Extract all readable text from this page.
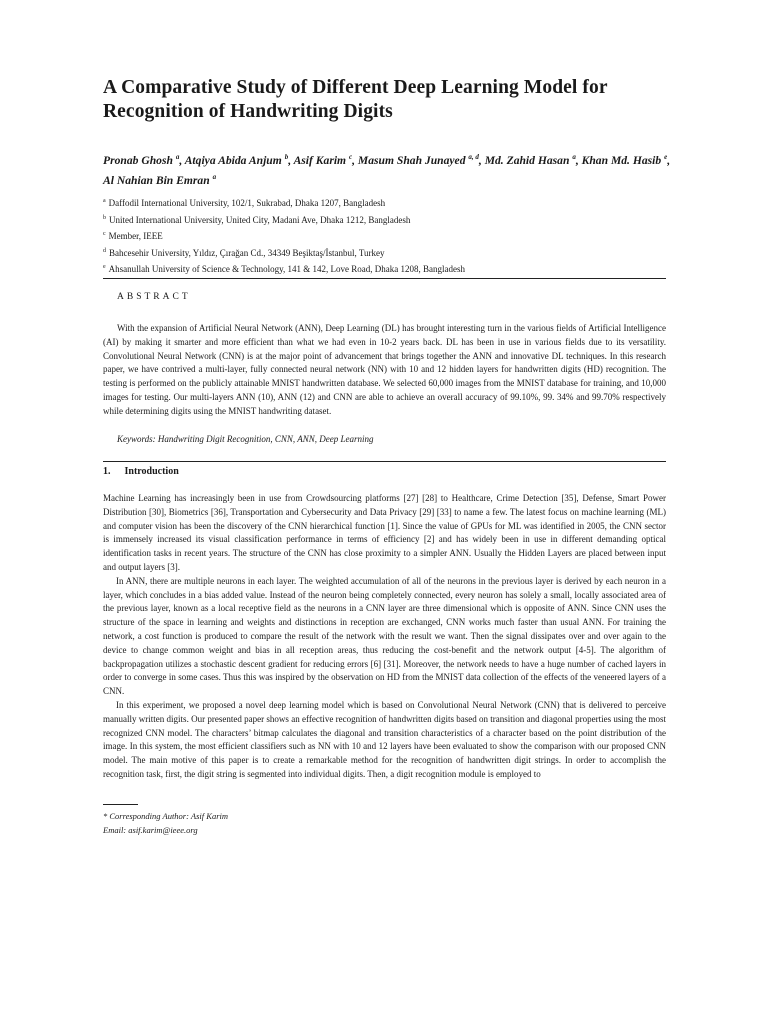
A Comparative Study of Different Deep Learning Model for Recognition of Handwriting Digits
Pronab Ghosh $^a$, Atqiya Abida Anjum $^b$, Asif Karim $^c$, Masum Shah Junayed $^{a, d}$, Md. Zahid Hasan $^a$, Khan Md. Hasib $^e$, Al Nahian Bin Emran $^a$
$^a$ Daffodil International University, 102/1, Sukrabad, Dhaka 1207, Bangladesh
$^b$ United International University, United City, Madani Ave, Dhaka 1212, Bangladesh
$^c$ Member, IEEE
$^d$ Bahcesehir University, Yıldız, Çırağan Cd., 34349 Beşiktaş/İstanbul, Turkey
$^e$ Ahsanullah University of Science & Technology, 141 & 142, Love Road, Dhaka 1208, Bangladesh
ABSTRACT
With the expansion of Artificial Neural Network (ANN), Deep Learning (DL) has brought interesting turn in the various fields of Artificial Intelligence (AI) by making it smarter and more efficient than what we had even in 10-2 years back. DL has been in use in various fields due to its versatility. Convolutional Neural Network (CNN) is at the major point of advancement that brings together the ANN and innovative DL techniques. In this research paper, we have contrived a multi-layer, fully connected neural network (NN) with 10 and 12 hidden layers for handwritten digits (HD) recognition. The testing is performed on the publicly attainable MNIST handwritten database. We selected 60,000 images from the MNIST database for training, and 10,000 images for testing. Our multi-layers ANN (10), ANN (12) and CNN are able to achieve an overall accuracy of 99.10%, 99. 34% and 99.70% respectively while determining digits using the MNIST handwriting dataset.
Keywords: Handwriting Digit Recognition, CNN, ANN, Deep Learning
1. Introduction

Machine Learning has increasingly been in use from Crowdsourcing platforms [27] [28] to Healthcare, Crime Detection [35], Defense, Smart Power Distribution [30], Biometrics [36], Transportation and Cybersecurity and Data Privacy [29] [33] to name a few. The latest focus on machine learning (ML) and computer vision has been the discovery of the CNN hierarchical function [1]. Since the value of GPUs for ML was identified in 2005, the CNN sector is immensely increased its visual classification performance in terms of efficiency [2] and has widely been in use in different demanding optical identification tasks in recent years. The structure of the CNN has close proximity to a simpler ANN. Usually the Hidden Layers are placed between input and output layers [3].

In ANN, there are multiple neurons in each layer. The weighted accumulation of all of the neurons in the previous layer is derived by each neuron in a layer, which concludes in a bias added value. Instead of the neuron being completely connected, every neuron has solely a small, locally associated area of the previous layer, known as a local receptive field as the neurons in a CNN layer are three dimensional which is opposite of ANN. Since CNN uses the structure of the space in learning and weights and distinctions in reception are exchanged, CNN works much faster than usual ANN. For training the network, a cost function is produced to compare the result of the network with the result we want. Then the signal dissipates over and over again to the device to change common weight and bias in all reception areas, thus reducing the cost-benefit and the network output [4-5]. The algorithm of backpropagation utilizes a stochastic descent gradient for reducing errors [6] [31]. Moreover, the network needs to have a huge number of cached layers in order to converge in some cases. Thus this was inspired by the observation on HD from the MNIST data collection of the effects of the veneered layers of a CNN.

In this experiment, we proposed a novel deep learning model which is based on Convolutional Neural Network (CNN) that is delivered to perceive manually written digits. Our presented paper shows an effective recognition of handwritten digits based on transition and diagonal properties using the most recognized CNN model. The characters’ bitmap calculates the diagonal and transition characteristics of a character based on the point distribution of the image. In this system, the most efficient classifiers such as NN with 10 and 12 layers have been evaluated to show the comparison with our proposed CNN model. The main motive of this paper is to create a remarkable method for the recognition of handwritten digit strings. In order to accomplish the recognition task, first, the digit string is segmented into individual digits. Then, a digit recognition module is employed to

* Corresponding Author: Asif Karim
Email: asif.karim@ieee.org
